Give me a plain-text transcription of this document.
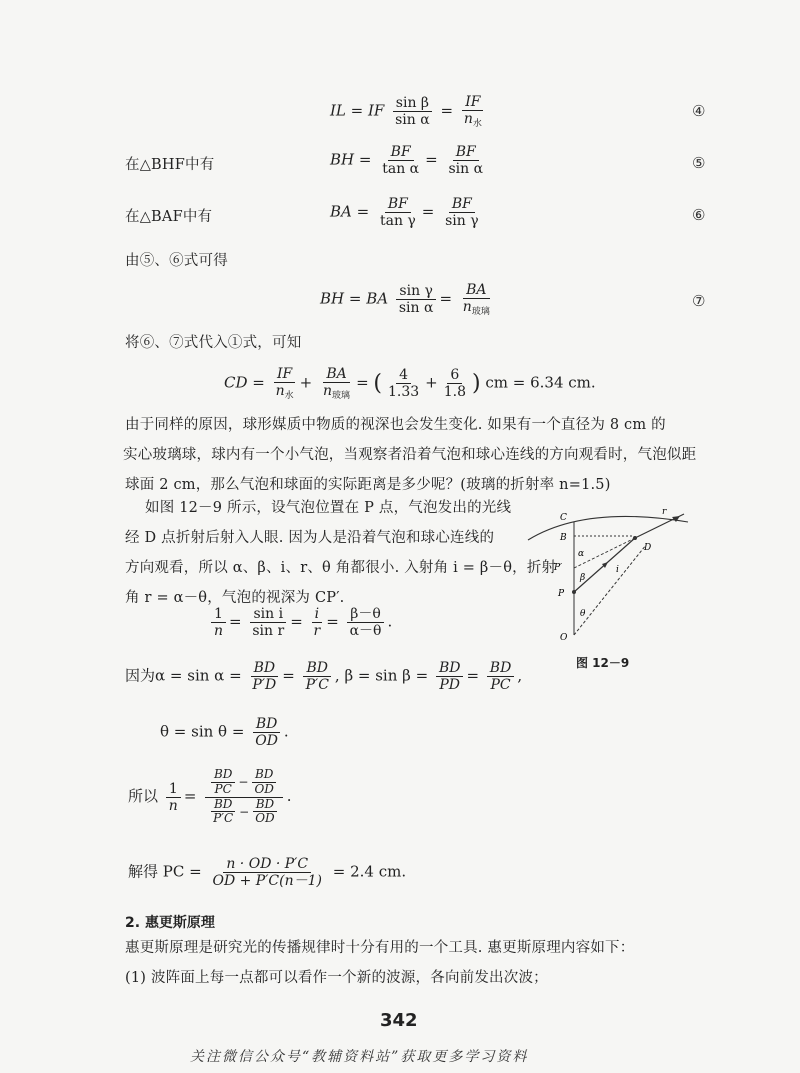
IL = IF $\frac{\text{sin β}}{\text{sin α}} = \frac{IF}{n_水}$	④
在△BHF中有	BH = $\frac{BF}{\text{tan α}} = \frac{BF}{\text{sin α}}$	⑤
在△BAF中有	BA = $\frac{BF}{\text{tan γ}} = \frac{BF}{\text{sin γ}}$	⑥
由⑤、⑥式可得
BH = BA $\frac{\text{sin γ}}{\text{sin α}} = \frac{BA}{n_{玻璃}}$	⑦
将⑥、⑦式代入①式，可知
CD = $\frac{IF}{n_水} + \frac{BA}{n_{玻璃}}$ = ( $\frac{4}{1.33} + \frac{6}{1.8}$ ) cm = 6.34 cm.
由于同样的原因，球形媒质中物质的视深也会发生变化. 如果有一个直径为 8 cm 的
实心玻璃球，球内有一个小气泡，当观察者沿着气泡和球心连线的方向观看时，气泡似距
球面 2 cm，那么气泡和球面的实际距离是多少呢？(玻璃的折射率 n=1.5)
如图 12－9 所示，设气泡位置在 P 点，气泡发出的光线
经 D 点折射后射入人眼. 因为人是沿着气泡和球心连线的
方向观看，所以 α、β、i、r、θ 角都很小. 入射角 i = β－θ，折射
角 r = α－θ，气泡的视深为 CP′.
C
B
D
P′
P
O
α
β
θ
i
r
图 12－9
$\frac{1}{n} = \frac{\text{sin i}}{\text{sin r}} = \frac{i}{r} = \frac{\beta-\theta}{\alpha-\theta}$ .
因为$\alpha = \sin \alpha = \frac{BD}{P'D} = \frac{BD}{P'C}$ , $\beta = \sin \beta = \frac{BD}{PD} = \frac{BD}{PC}$ ,
$\theta = \sin \theta = \frac{BD}{OD}$ .
所以 $\frac{1}{n} = \frac{\frac{BD}{PC} - \frac{BD}{OD}}{\frac{BD}{P'C} - \frac{BD}{OD}}$ .
解得 PC = $\frac{n \cdot OD \cdot P'C}{OD + P'C(n-1)} = 2.4$ cm.
2. 惠更斯原理
惠更斯原理是研究光的传播规律时十分有用的一个工具. 惠更斯原理内容如下：
(1) 波阵面上每一点都可以看作一个新的波源，各向前发出次波；
342
关注微信公众号“教辅资料站”获取更多学习资料
